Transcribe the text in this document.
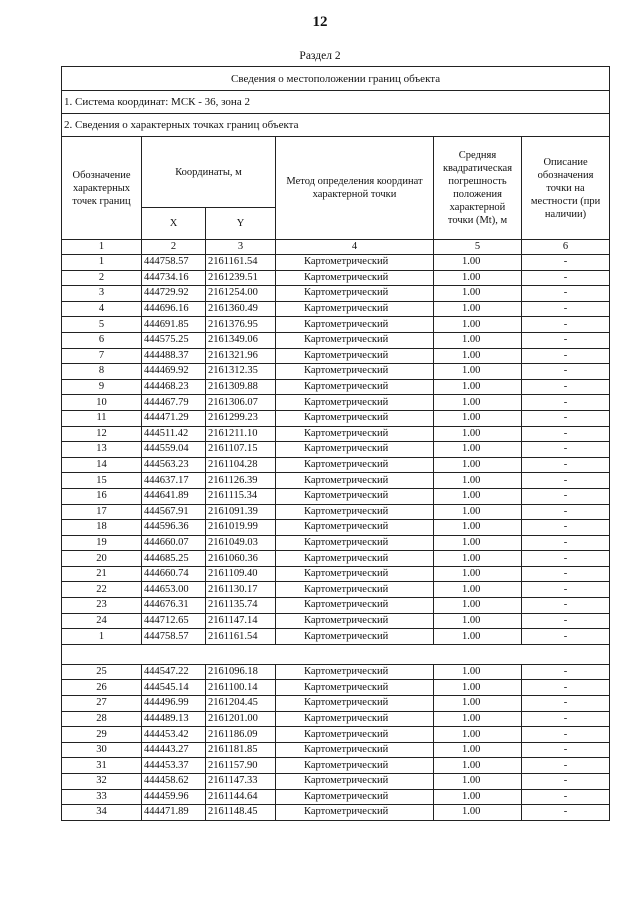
12
Раздел 2
Сведения о местоположении границ объекта					
1. Система координат: МСК - 36, зона 2					
2. Сведения о характерных точках границ объекта					
Обозначение характерных точек границ	Координаты, м		Метод определения координат характерной точки	Средняя квадратическая погрешность положения характерной точки (Mt), м	Описание обозначения точки на местности (при наличии)
	X	Y			
1	2	3	4	5	6
1	444758.57	2161161.54	Картометрический	1.00	-
2	444734.16	2161239.51	Картометрический	1.00	-
3	444729.92	2161254.00	Картометрический	1.00	-
4	444696.16	2161360.49	Картометрический	1.00	-
5	444691.85	2161376.95	Картометрический	1.00	-
6	444575.25	2161349.06	Картометрический	1.00	-
7	444488.37	2161321.96	Картометрический	1.00	-
8	444469.92	2161312.35	Картометрический	1.00	-
9	444468.23	2161309.88	Картометрический	1.00	-
10	444467.79	2161306.07	Картометрический	1.00	-
11	444471.29	2161299.23	Картометрический	1.00	-
12	444511.42	2161211.10	Картометрический	1.00	-
13	444559.04	2161107.15	Картометрический	1.00	-
14	444563.23	2161104.28	Картометрический	1.00	-
15	444637.17	2161126.39	Картометрический	1.00	-
16	444641.89	2161115.34	Картометрический	1.00	-
17	444567.91	2161091.39	Картометрический	1.00	-
18	444596.36	2161019.99	Картометрический	1.00	-
19	444660.07	2161049.03	Картометрический	1.00	-
20	444685.25	2161060.36	Картометрический	1.00	-
21	444660.74	2161109.40	Картометрический	1.00	-
22	444653.00	2161130.17	Картометрический	1.00	-
23	444676.31	2161135.74	Картометрический	1.00	-
24	444712.65	2161147.14	Картометрический	1.00	-
1	444758.57	2161161.54	Картометрический	1.00	-

25	444547.22	2161096.18	Картометрический	1.00	-
26	444545.14	2161100.14	Картометрический	1.00	-
27	444496.99	2161204.45	Картометрический	1.00	-
28	444489.13	2161201.00	Картометрический	1.00	-
29	444453.42	2161186.09	Картометрический	1.00	-
30	444443.27	2161181.85	Картометрический	1.00	-
31	444453.37	2161157.90	Картометрический	1.00	-
32	444458.62	2161147.33	Картометрический	1.00	-
33	444459.96	2161144.64	Картометрический	1.00	-
34	444471.89	2161148.45	Картометрический	1.00	-
